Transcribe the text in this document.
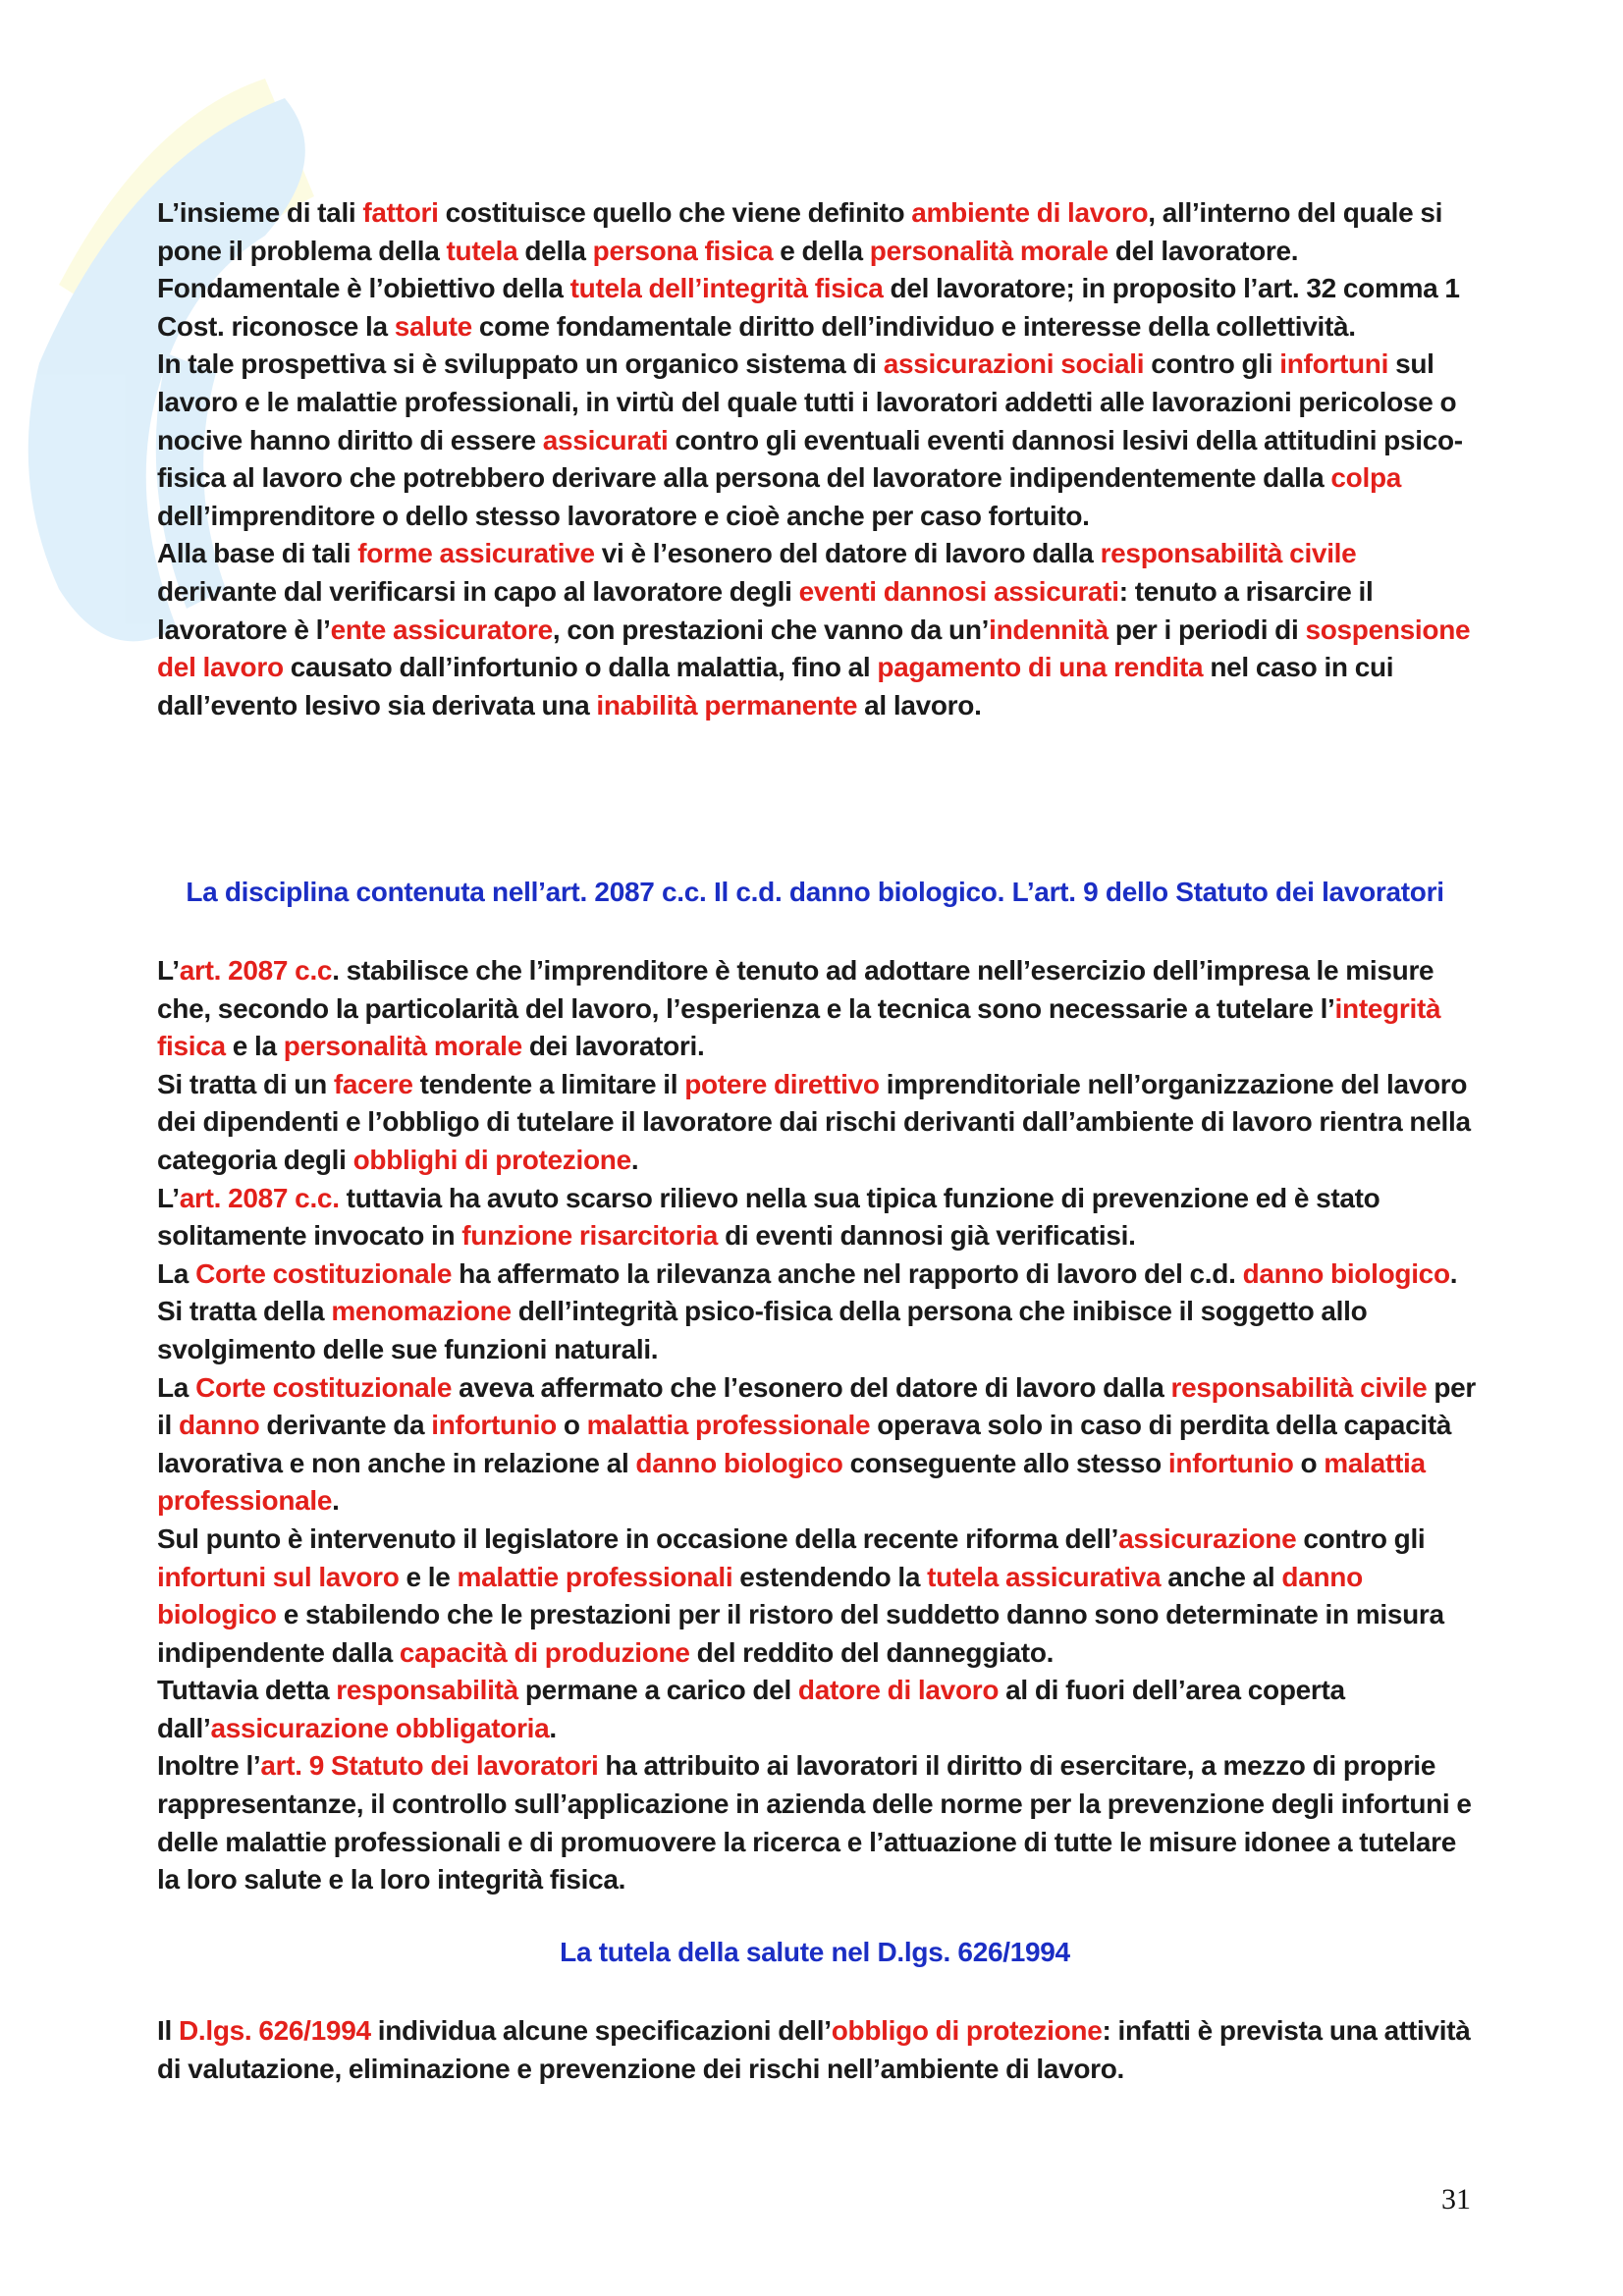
L’insieme di tali fattori costituisce quello che viene definito ambiente di lavoro, all’interno del quale si pone il problema della tutela della persona fisica e della personalità morale del lavoratore.
Fondamentale è l’obiettivo della tutela dell’integrità fisica del lavoratore; in proposito l’art. 32 comma 1 Cost. riconosce la salute come fondamentale diritto dell’individuo e interesse della collettività.
In tale prospettiva si è sviluppato un organico sistema di assicurazioni sociali contro gli infortuni sul lavoro e le malattie professionali, in virtù del quale tutti i lavoratori addetti alle lavorazioni pericolose o nocive hanno diritto di essere assicurati contro gli eventuali eventi dannosi lesivi della attitudini psico-fisica al lavoro che potrebbero derivare alla persona del lavoratore indipendentemente dalla colpa dell’imprenditore o dello stesso lavoratore e cioè anche per caso fortuito.
Alla base di tali forme assicurative vi è l’esonero del datore di lavoro dalla responsabilità civile derivante dal verificarsi in capo al lavoratore degli eventi dannosi assicurati: tenuto a risarcire il lavoratore è l’ente assicuratore, con prestazioni che vanno da un’indennità per i periodi di sospensione del lavoro causato dall’infortunio o dalla malattia, fino al pagamento di una rendita nel caso in cui dall’evento lesivo sia derivata una inabilità permanente al lavoro.

La disciplina contenuta nell’art. 2087 c.c. Il c.d. danno biologico. L’art. 9 dello Statuto dei lavoratori

L’art. 2087 c.c. stabilisce che l’imprenditore è tenuto ad adottare nell’esercizio dell’impresa le misure che, secondo la particolarità del lavoro, l’esperienza e la tecnica sono necessarie a tutelare l’integrità fisica e la personalità morale dei lavoratori.
Si tratta di un facere tendente a limitare il potere direttivo imprenditoriale nell’organizzazione del lavoro dei dipendenti e l’obbligo di tutelare il lavoratore dai rischi derivanti dall’ambiente di lavoro rientra nella categoria degli obblighi di protezione.
L’art. 2087 c.c. tuttavia ha avuto scarso rilievo nella sua tipica funzione di prevenzione ed è stato solitamente invocato in funzione risarcitoria di eventi dannosi già verificatisi.
La Corte costituzionale ha affermato la rilevanza anche nel rapporto di lavoro del c.d. danno biologico.
Si tratta della menomazione dell’integrità psico-fisica della persona che inibisce il soggetto allo svolgimento delle sue funzioni naturali.
La Corte costituzionale aveva affermato che l’esonero del datore di lavoro dalla responsabilità civile per il danno derivante da infortunio o malattia professionale operava solo in caso di perdita della capacità lavorativa e non anche in relazione al danno biologico conseguente allo stesso infortunio o malattia professionale.
Sul punto è intervenuto il legislatore in occasione della recente riforma dell’assicurazione contro gli infortuni sul lavoro e le malattie professionali estendendo la tutela assicurativa anche al danno biologico e stabilendo che le prestazioni per il ristoro del suddetto danno sono determinate in misura indipendente dalla capacità di produzione del reddito del danneggiato.
Tuttavia detta responsabilità permane a carico del datore di lavoro al di fuori dell’area coperta dall’assicurazione obbligatoria.
Inoltre l’art. 9 Statuto dei lavoratori ha attribuito ai lavoratori il diritto di esercitare, a mezzo di proprie rappresentanze, il controllo sull’applicazione in azienda delle norme per la prevenzione degli infortuni e delle malattie professionali e di promuovere la ricerca e l’attuazione di tutte le misure idonee a tutelare la loro salute e la loro integrità fisica.

La tutela della salute nel D.lgs. 626/1994

Il D.lgs. 626/1994 individua alcune specificazioni dell’obbligo di protezione: infatti è prevista una attività di valutazione, eliminazione e prevenzione dei rischi nell’ambiente di lavoro.

31
